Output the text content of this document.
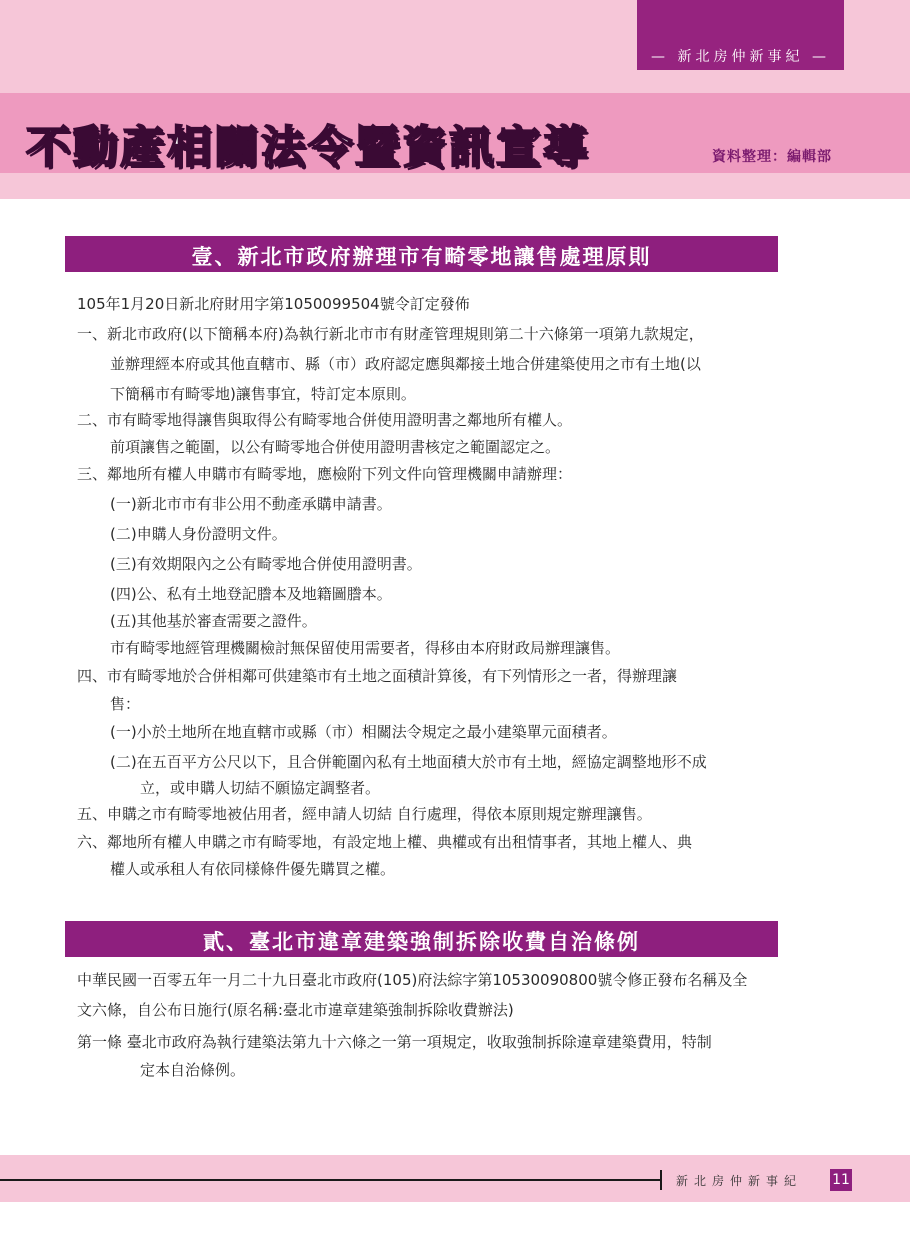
— 新北房仲新事紀 —
不動產相關法令暨資訊宣導	資料整理：編輯部
壹、新北市政府辦理市有畸零地讓售處理原則
105年1月20日新北府財用字第1050099504號令訂定發佈
一、新北市政府(以下簡稱本府)為執行新北市市有財產管理規則第二十六條第一項第九款規定，
並辦理經本府或其他直轄市、縣（市）政府認定應與鄰接土地合併建築使用之市有土地(以
下簡稱市有畸零地)讓售事宜，特訂定本原則。
二、市有畸零地得讓售與取得公有畸零地合併使用證明書之鄰地所有權人。
前項讓售之範圍，以公有畸零地合併使用證明書核定之範圍認定之。
三、鄰地所有權人申購市有畸零地，應檢附下列文件向管理機關申請辦理：
(一)新北市市有非公用不動產承購申請書。
(二)申購人身份證明文件。
(三)有效期限內之公有畸零地合併使用證明書。
(四)公、私有土地登記謄本及地籍圖謄本。
(五)其他基於審查需要之證件。
市有畸零地經管理機關檢討無保留使用需要者，得移由本府財政局辦理讓售。
四、市有畸零地於合併相鄰可供建築市有土地之面積計算後，有下列情形之一者，得辦理讓
售：
(一)小於土地所在地直轄市或縣（市）相關法令規定之最小建築單元面積者。
(二)在五百平方公尺以下，且合併範圍內私有土地面積大於市有土地，經協定調整地形不成
立，或申購人切結不願協定調整者。
五、申購之市有畸零地被佔用者，經申請人切結 自行處理，得依本原則規定辦理讓售。
六、鄰地所有權人申購之市有畸零地，有設定地上權、典權或有出租情事者，其地上權人、典
權人或承租人有依同樣條件優先購買之權。
貳、臺北市違章建築強制拆除收費自治條例
中華民國一百零五年一月二十九日臺北市政府(105)府法綜字第10530090800號令修正發布名稱及全
文六條，自公布日施行(原名稱:臺北市違章建築強制拆除收費辦法)
第一條 臺北市政府為執行建築法第九十六條之一第一項規定，收取強制拆除違章建築費用，特制
定本自治條例。
新北房仲新事紀 11
